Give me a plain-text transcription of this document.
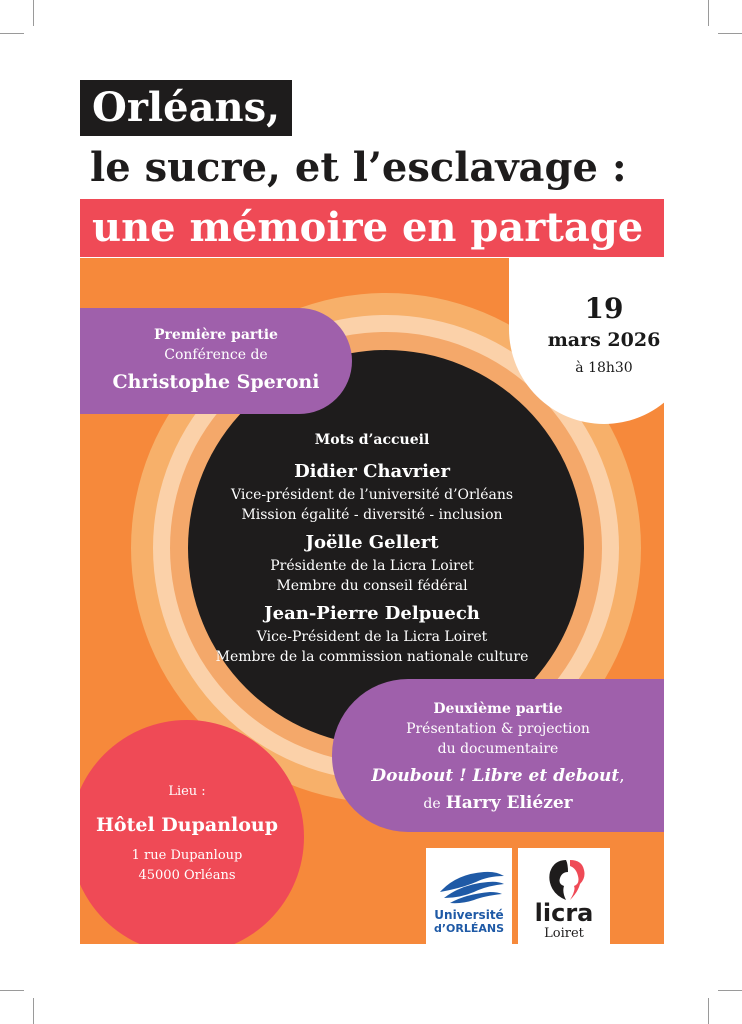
Orléans,
le sucre, et l’esclavage :
une mémoire en partage
Mots d’accueil
Didier Chavrier
Vice-président de l’université d’Orléans
Mission égalité - diversité - inclusion
Joëlle Gellert
Présidente de la Licra Loiret
Membre du conseil fédéral
Jean-Pierre Delpuech
Vice-Président de la Licra Loiret
Membre de la commission nationale culture
Première partie
Conférence de
Christophe Speroni
19
mars 2026
à 18h30
Deuxième partie
Présentation & projection
du documentaire
Doubout ! Libre et debout,
de Harry Eliézer
Lieu :
Hôtel Dupanloup
1 rue Dupanloup
45000 Orléans
Université
d’ORLÉANS
licra
Loiret
